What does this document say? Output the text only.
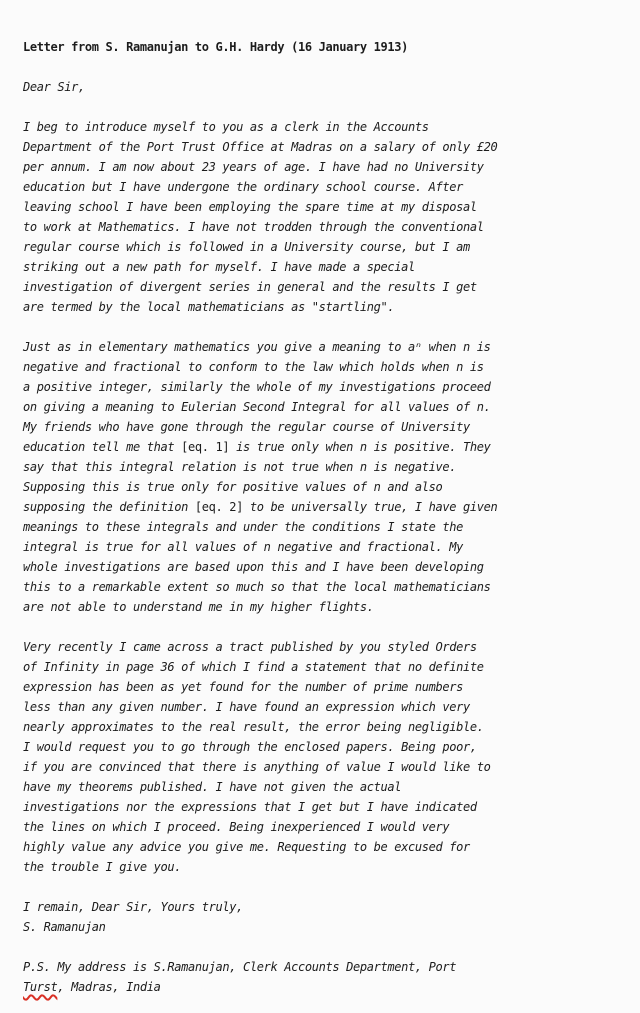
Letter from S. Ramanujan to G.H. Hardy (16 January 1913)
Dear Sir,
I beg to introduce myself to you as a clerk in the Accounts
Department of the Port Trust Office at Madras on a salary of only £20
per annum. I am now about 23 years of age. I have had no University
education but I have undergone the ordinary school course. After
leaving school I have been employing the spare time at my disposal
to work at Mathematics. I have not trodden through the conventional
regular course which is followed in a University course, but I am
striking out a new path for myself. I have made a special
investigation of divergent series in general and the results I get
are termed by the local mathematicians as "startling".
Just as in elementary mathematics you give a meaning to aⁿ when n is
negative and fractional to conform to the law which holds when n is
a positive integer, similarly the whole of my investigations proceed
on giving a meaning to Eulerian Second Integral for all values of n.
My friends who have gone through the regular course of University
education tell me that [eq. 1] is true only when n is positive. They
say that this integral relation is not true when n is negative.
Supposing this is true only for positive values of n and also
supposing the definition [eq. 2] to be universally true, I have given
meanings to these integrals and under the conditions I state the
integral is true for all values of n negative and fractional. My
whole investigations are based upon this and I have been developing
this to a remarkable extent so much so that the local mathematicians
are not able to understand me in my higher flights.
Very recently I came across a tract published by you styled Orders
of Infinity in page 36 of which I find a statement that no definite
expression has been as yet found for the number of prime numbers
less than any given number. I have found an expression which very
nearly approximates to the real result, the error being negligible.
I would request you to go through the enclosed papers. Being poor,
if you are convinced that there is anything of value I would like to
have my theorems published. I have not given the actual
investigations nor the expressions that I get but I have indicated
the lines on which I proceed. Being inexperienced I would very
highly value any advice you give me. Requesting to be excused for
the trouble I give you.
I remain, Dear Sir, Yours truly,
S. Ramanujan
P.S. My address is S.Ramanujan, Clerk Accounts Department, Port
Turst, Madras, India
